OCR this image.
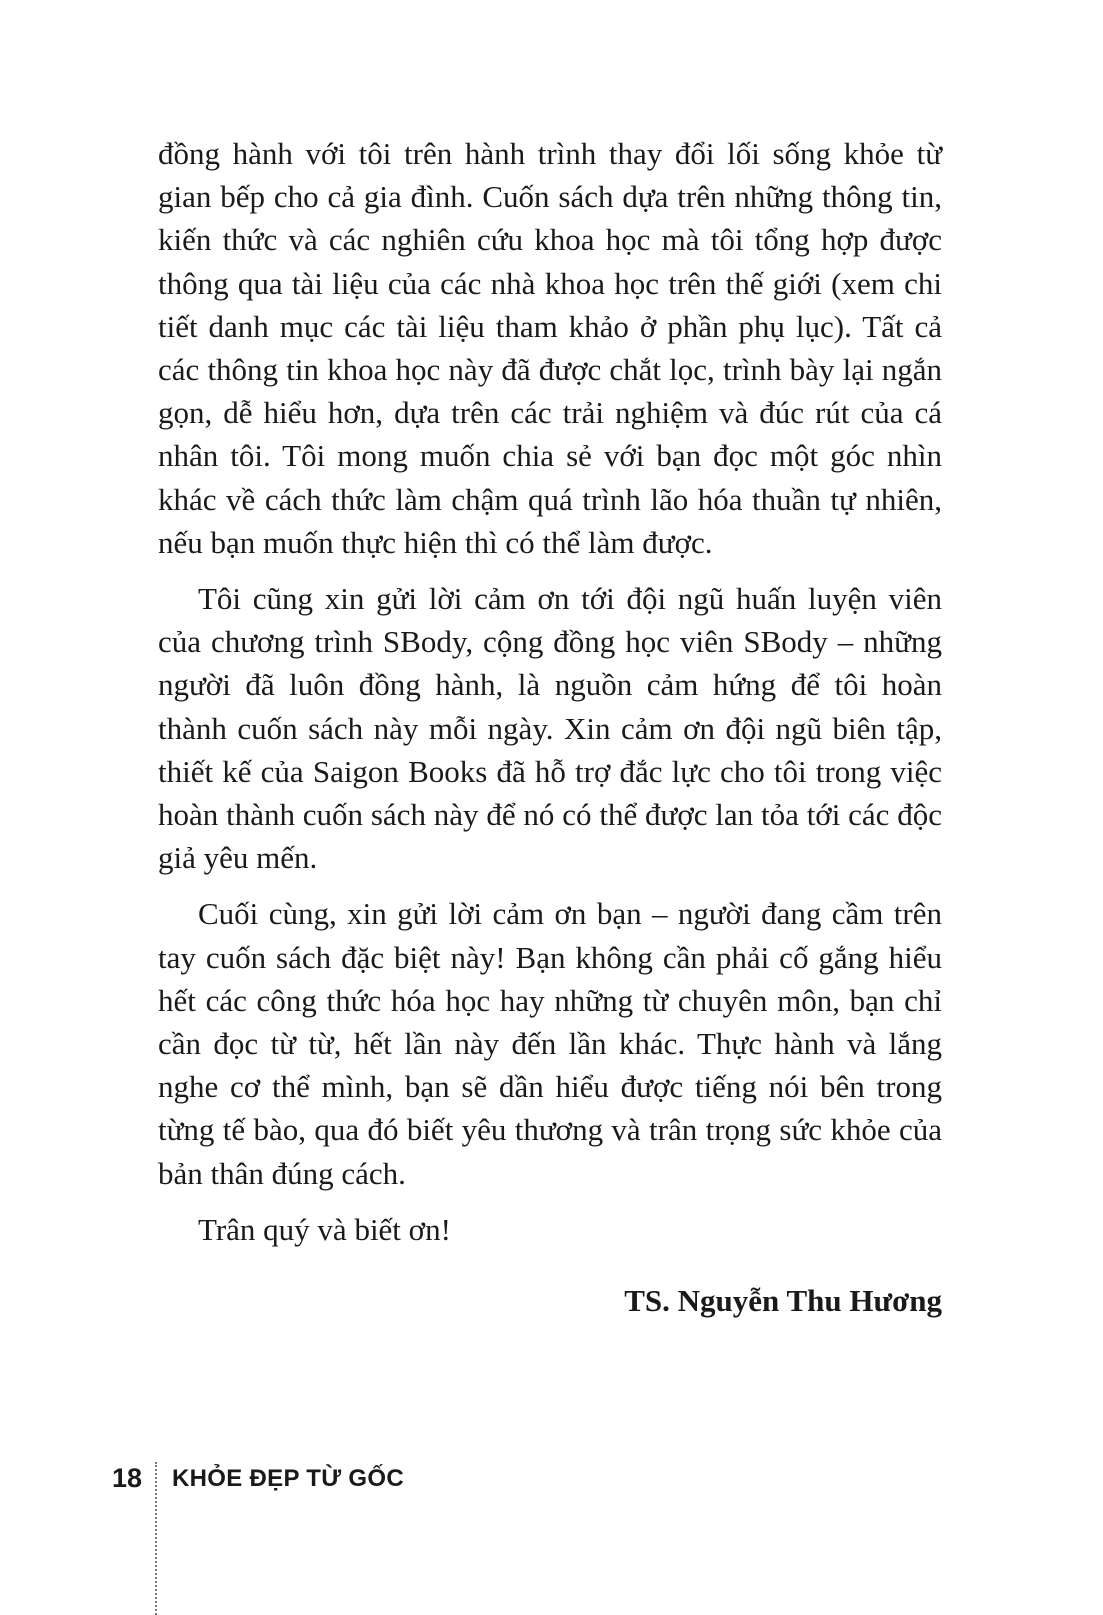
đồng hành với tôi trên hành trình thay đổi lối sống khỏe từ gian bếp cho cả gia đình. Cuốn sách dựa trên những thông tin, kiến thức và các nghiên cứu khoa học mà tôi tổng hợp được thông qua tài liệu của các nhà khoa học trên thế giới (xem chi tiết danh mục các tài liệu tham khảo ở phần phụ lục). Tất cả các thông tin khoa học này đã được chắt lọc, trình bày lại ngắn gọn, dễ hiểu hơn, dựa trên các trải nghiệm và đúc rút của cá nhân tôi. Tôi mong muốn chia sẻ với bạn đọc một góc nhìn khác về cách thức làm chậm quá trình lão hóa thuần tự nhiên, nếu bạn muốn thực hiện thì có thể làm được.

Tôi cũng xin gửi lời cảm ơn tới đội ngũ huấn luyện viên của chương trình SBody, cộng đồng học viên SBody – những người đã luôn đồng hành, là nguồn cảm hứng để tôi hoàn thành cuốn sách này mỗi ngày. Xin cảm ơn đội ngũ biên tập, thiết kế của Saigon Books đã hỗ trợ đắc lực cho tôi trong việc hoàn thành cuốn sách này để nó có thể được lan tỏa tới các độc giả yêu mến.

Cuối cùng, xin gửi lời cảm ơn bạn – người đang cầm trên tay cuốn sách đặc biệt này! Bạn không cần phải cố gắng hiểu hết các công thức hóa học hay những từ chuyên môn, bạn chỉ cần đọc từ từ, hết lần này đến lần khác. Thực hành và lắng nghe cơ thể mình, bạn sẽ dần hiểu được tiếng nói bên trong từng tế bào, qua đó biết yêu thương và trân trọng sức khỏe của bản thân đúng cách.

Trân quý và biết ơn!

TS. Nguyễn Thu Hương
18 KHỎE ĐẸP TỪ GỐC
